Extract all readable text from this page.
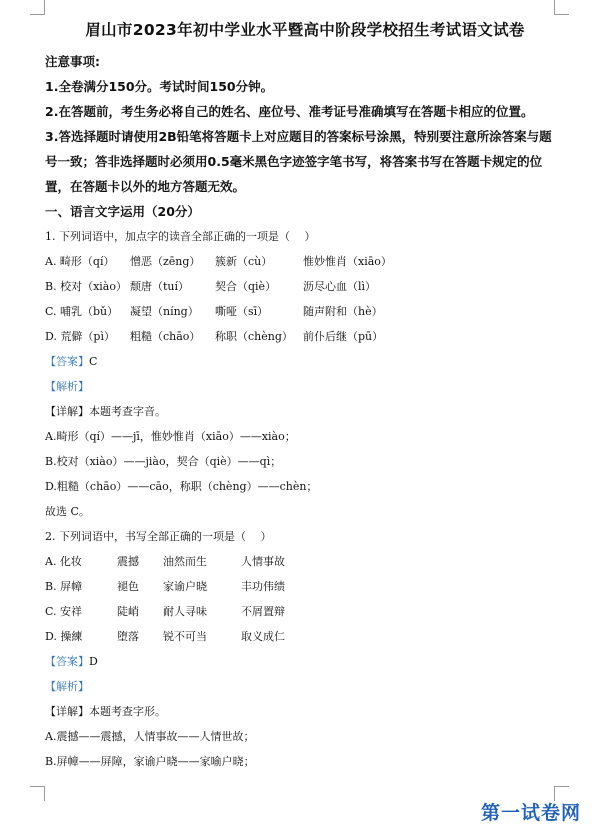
眉山市2023年初中学业水平暨高中阶段学校招生考试语文试卷

注意事项:

1.全卷满分150分。考试时间150分钟。

2.在答题前，考生务必将自己的姓名、座位号、准考证号准确填写在答题卡相应的位置。

3.答选择题时请使用2B铅笔将答题卡上对应题目的答案标号涂黑，特别要注意所涂答案与题

号一致；答非选择题时必须用0.5毫米黑色字迹签字笔书写，将答案书写在答题卡规定的位

置，在答题卡以外的地方答题无效。

一、语言文字运用（20分）

1. 下列词语中，加点字的读音全部正确的一项是（　 ）

A. 畸形（qí）	憎恶（zēng）	簇新（cù）	惟妙惟肖（xiāo）
B. 校对（xiào） 颓唐（tuí）	契合（qiè）	沥尽心血（lì）
C. 哺乳（bǔ）	凝望（níng）	嘶哑（sī）	随声附和（hè）
D. 荒僻（pì）	粗糙（chāo）	称职（chèng） 前仆后继（pū）

【答案】C

【解析】

【详解】本题考查字音。

A.畸形（qí）——jī，惟妙惟肖（xiāo）——xiào；

B.校对（xiào）——jiào，契合（qiè）——qì；

D.粗糙（chāo）——cāo，称职（chèng）——chèn；

故选 C。

2. 下列词语中，书写全部正确的一项是（　 ）

A. 化妆	震撼	油然而生	人情事故
B. 屏幛	褪色	家谕户晓	丰功伟绩
C. 安祥	陡峭	耐人寻味	不屑置辩
D. 操練	堕落	锐不可当	取义成仁

【答案】D

【解析】

【详解】本题考查字形。

A.震撼——震撼，人情事故——人情世故；

B.屏幛——屏障，家谕户晓——家喻户晓；

第一试卷网
